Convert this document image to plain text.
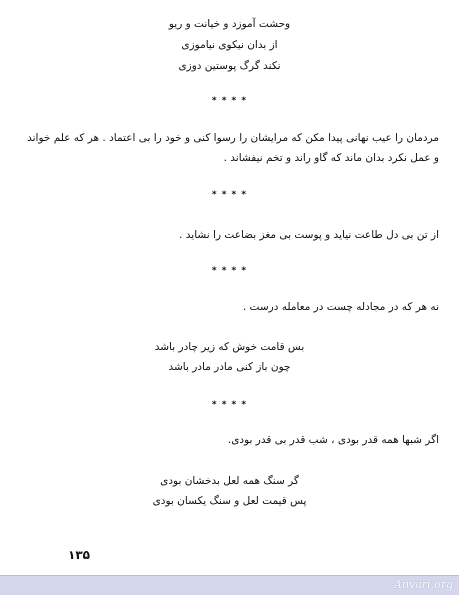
وحشت آموزد و خیانت و ریو
از بدان نیکوی نیاموزی
نکند گرگ پوستین دوزی
* * * *
مردمان را عیب نهانی پیدا مکن که مرایشان را رسوا کنی و خود را بی اعتماد . هر که علم خواند و عمل نکرد بدان ماند که گاو راند و تخم نیفشاند .
* * * *
از تن بی دل طاعت نیاید و پوست بی مغز بضاعت را نشاید .
* * * *
نه هر که در مجادله چست در معامله درست .
بس قامت خوش که زیر چادر باشد
چون باز کنی مادر مادر باشد
* * * *
اگر شبها همه قدر بودی ، شب قدر بی قدر بودی.
گر سنگ همه لعل بدخشان بودی
پس قیمت لعل و سنگ یکسان بودی
۱۳۵
Anvari.org
